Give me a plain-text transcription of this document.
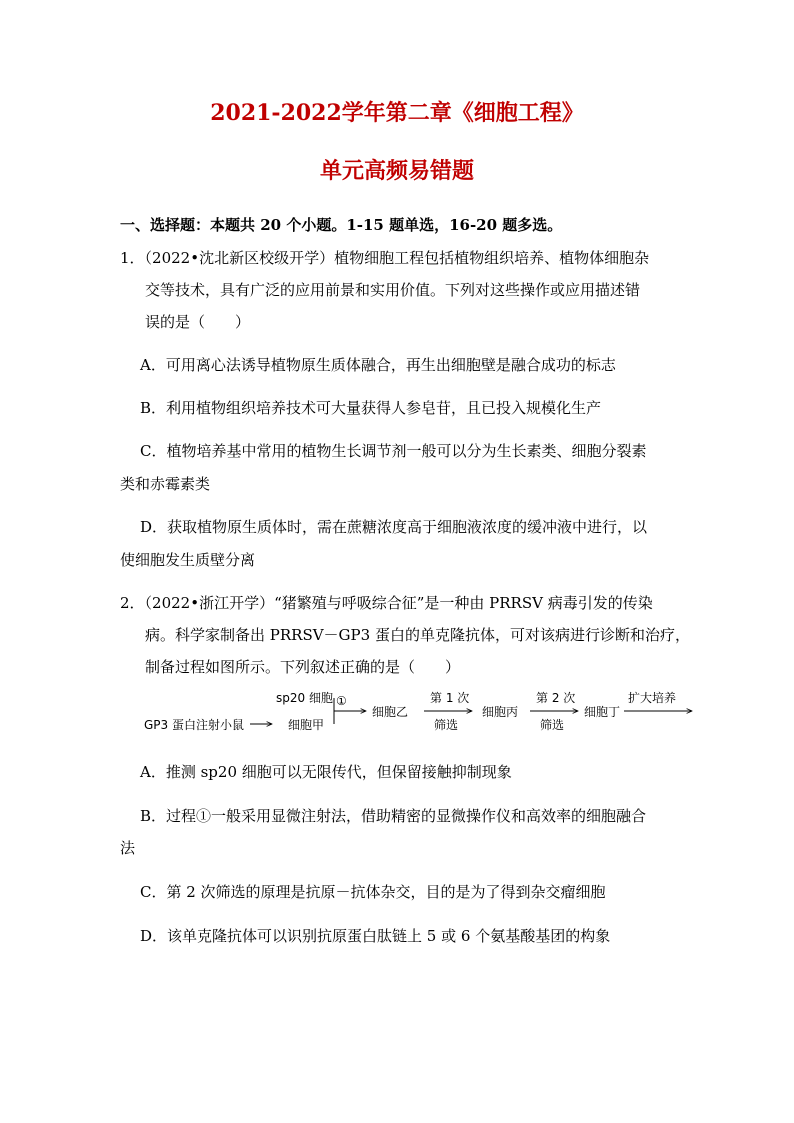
2021-2022学年第二章《细胞工程》
单元高频易错题
一、选择题：本题共 20 个小题。1-15 题单选，16-20 题多选。
1．（2022•沈北新区校级开学）植物细胞工程包括植物组织培养、植物体细胞杂
交等技术，具有广泛的应用前景和实用价值。下列对这些操作或应用描述错
误的是（　　）
A．可用离心法诱导植物原生质体融合，再生出细胞壁是融合成功的标志
B．利用植物组织培养技术可大量获得人参皂苷，且已投入规模化生产
C．植物培养基中常用的植物生长调节剂一般可以分为生长素类、细胞分裂素
类和赤霉素类
D．获取植物原生质体时，需在蔗糖浓度高于细胞液浓度的缓冲液中进行，以
使细胞发生质壁分离
2．（2022•浙江开学）“猪繁殖与呼吸综合征”是一种由 PRRSV 病毒引发的传染
病。科学家制备出 PRRSV－GP3 蛋白的单克隆抗体，可对该病进行诊断和治疗，
制备过程如图所示。下列叙述正确的是（　　）
GP3 蛋白注射小鼠
sp20 细胞
细胞甲
①
细胞乙
第 1 次
筛选
细胞丙
第 2 次
筛选
细胞丁
扩大培养
A．推测 sp20 细胞可以无限传代，但保留接触抑制现象
B．过程①一般采用显微注射法，借助精密的显微操作仪和高效率的细胞融合
法
C．第 2 次筛选的原理是抗原－抗体杂交，目的是为了得到杂交瘤细胞
D．该单克隆抗体可以识别抗原蛋白肽链上 5 或 6 个氨基酸基团的构象
